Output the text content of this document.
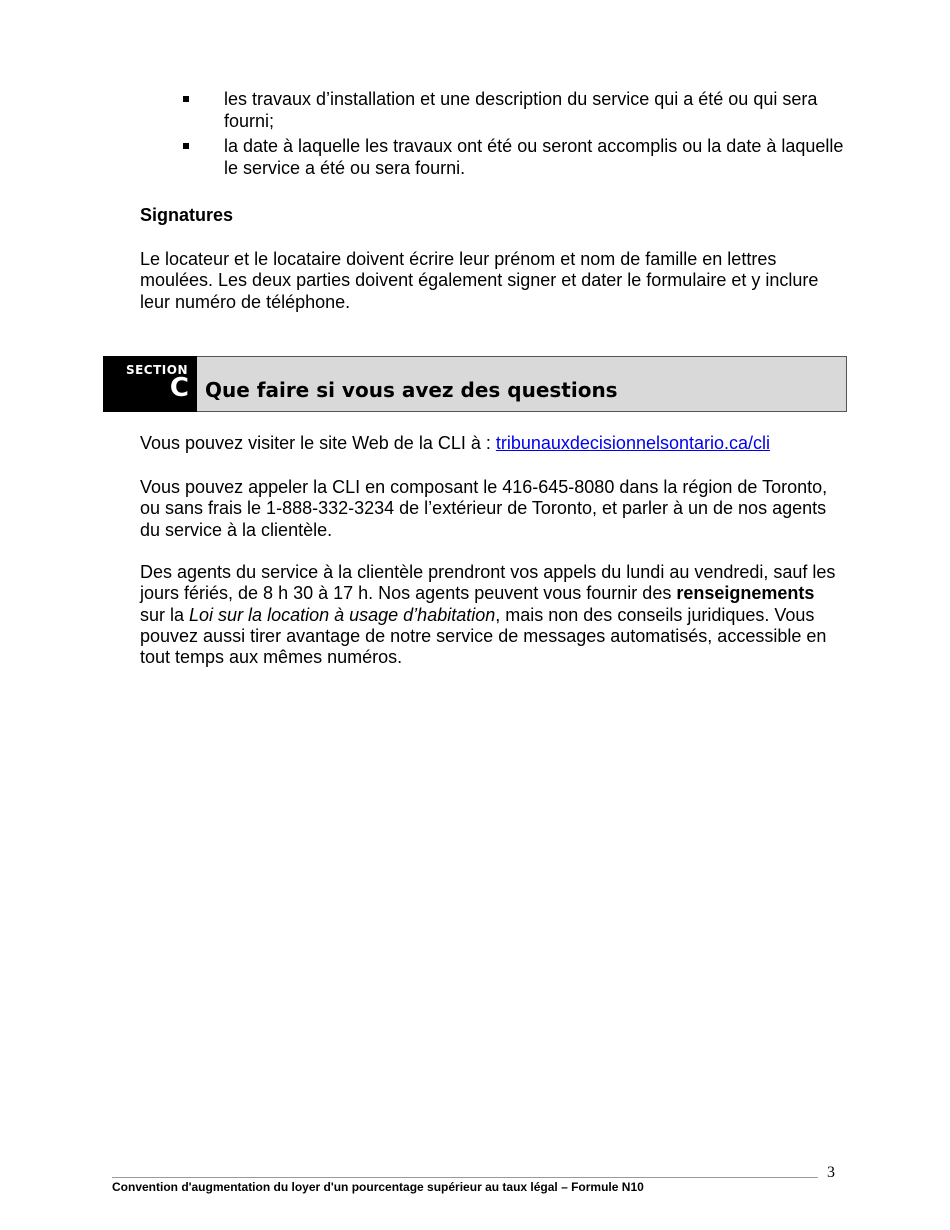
les travaux d’installation et une description du service qui a été ou qui sera fourni;
la date à laquelle les travaux ont été ou seront accomplis ou la date à laquelle le service a été ou sera fourni.
Signatures

Le locateur et le locataire doivent écrire leur prénom et nom de famille en lettres moulées. Les deux parties doivent également signer et dater le formulaire et y inclure leur numéro de téléphone.

SECTION
C Que faire si vous avez des questions

Vous pouvez visiter le site Web de la CLI à : tribunauxdecisionnelsontario.ca/cli

Vous pouvez appeler la CLI en composant le 416-645-8080 dans la région de Toronto, ou sans frais le 1-888-332-3234 de l’extérieur de Toronto, et parler à un de nos agents du service à la clientèle.

Des agents du service à la clientèle prendront vos appels du lundi au vendredi, sauf les jours fériés, de 8 h 30 à 17 h. Nos agents peuvent vous fournir des renseignements sur la Loi sur la location à usage d’habitation, mais non des conseils juridiques. Vous pouvez aussi tirer avantage de notre service de messages automatisés, accessible en tout temps aux mêmes numéros.

3
Convention d'augmentation du loyer d'un pourcentage supérieur au taux légal – Formule N10
